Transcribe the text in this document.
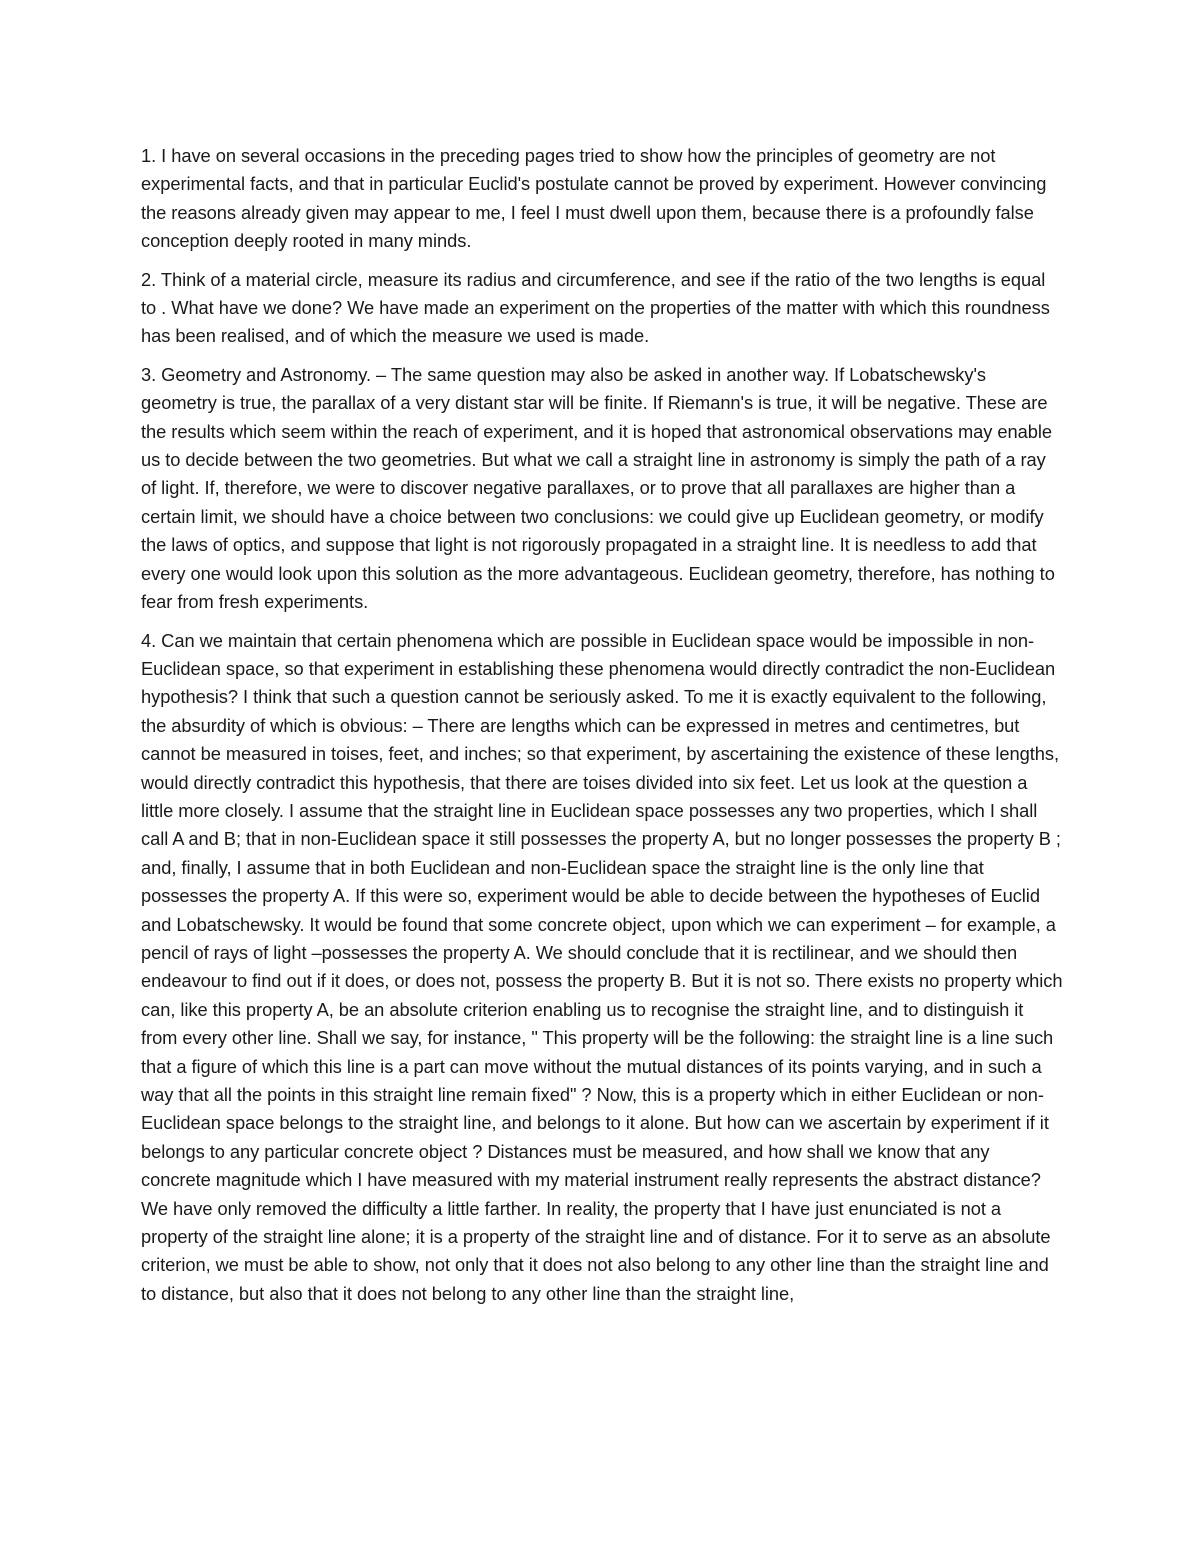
1. I have on several occasions in the preceding pages tried to show how the principles of geometry are not experimental facts, and that in particular Euclid's postulate cannot be proved by experiment. However convincing the reasons already given may appear to me, I feel I must dwell upon them, because there is a profoundly false conception deeply rooted in many minds.

2. Think of a material circle, measure its radius and circumference, and see if the ratio of the two lengths is equal to . What have we done? We have made an experiment on the properties of the matter with which this roundness has been realised, and of which the measure we used is made.

3. Geometry and Astronomy. – The same question may also be asked in another way. If Lobatschewsky's geometry is true, the parallax of a very distant star will be finite. If Riemann's is true, it will be negative. These are the results which seem within the reach of experiment, and it is hoped that astronomical observations may enable us to decide between the two geometries. But what we call a straight line in astronomy is simply the path of a ray of light. If, therefore, we were to discover negative parallaxes, or to prove that all parallaxes are higher than a certain limit, we should have a choice between two conclusions: we could give up Euclidean geometry, or modify the laws of optics, and suppose that light is not rigorously propagated in a straight line. It is needless to add that every one would look upon this solution as the more advantageous. Euclidean geometry, therefore, has nothing to fear from fresh experiments.

4. Can we maintain that certain phenomena which are possible in Euclidean space would be impossible in non-Euclidean space, so that experiment in establishing these phenomena would directly contradict the non-Euclidean hypothesis? I think that such a question cannot be seriously asked. To me it is exactly equivalent to the following, the absurdity of which is obvious: – There are lengths which can be expressed in metres and centimetres, but cannot be measured in toises, feet, and inches; so that experiment, by ascertaining the existence of these lengths, would directly contradict this hypothesis, that there are toises divided into six feet. Let us look at the question a little more closely. I assume that the straight line in Euclidean space possesses any two properties, which I shall call A and B; that in non-Euclidean space it still possesses the property A, but no longer possesses the property B ; and, finally, I assume that in both Euclidean and non-Euclidean space the straight line is the only line that possesses the property A. If this were so, experiment would be able to decide between the hypotheses of Euclid and Lobatschewsky. It would be found that some concrete object, upon which we can experiment – for example, a pencil of rays of light –possesses the property A. We should conclude that it is rectilinear, and we should then endeavour to find out if it does, or does not, possess the property B. But it is not so. There exists no property which can, like this property A, be an absolute criterion enabling us to recognise the straight line, and to distinguish it from every other line. Shall we say, for instance, " This property will be the following: the straight line is a line such that a figure of which this line is a part can move without the mutual distances of its points varying, and in such a way that all the points in this straight line remain fixed" ? Now, this is a property which in either Euclidean or non-Euclidean space belongs to the straight line, and belongs to it alone. But how can we ascertain by experiment if it belongs to any particular concrete object ? Distances must be measured, and how shall we know that any concrete magnitude which I have measured with my material instrument really represents the abstract distance? We have only removed the difficulty a little farther. In reality, the property that I have just enunciated is not a property of the straight line alone; it is a property of the straight line and of distance. For it to serve as an absolute criterion, we must be able to show, not only that it does not also belong to any other line than the straight line and to distance, but also that it does not belong to any other line than the straight line,
